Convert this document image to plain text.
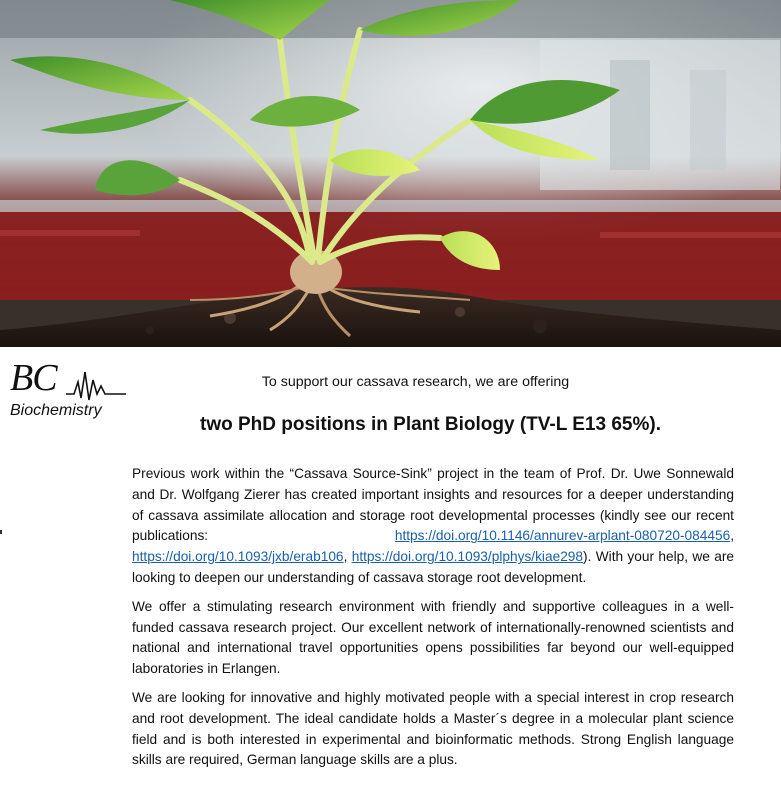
BC
Biochemistry
To support our cassava research, we are offering
two PhD positions in Plant Biology (TV-L E13 65%).

Previous work within the “Cassava Source-Sink” project in the team of Prof. Dr. Uwe Sonnewald and Dr. Wolfgang Zierer has created important insights and resources for a deeper understanding of cassava assimilate allocation and storage root developmental processes (kindly see our recent publications: https://doi.org/10.1146/annurev-arplant-080720-084456, https://doi.org/10.1093/jxb/erab106, https://doi.org/10.1093/plphys/kiae298). With your help, we are looking to deepen our understanding of cassava storage root development.

We offer a stimulating research environment with friendly and supportive colleagues in a well-funded cassava research project. Our excellent network of internationally-renowned scientists and national and international travel opportunities opens possibilities far beyond our well-equipped laboratories in Erlangen.

We are looking for innovative and highly motivated people with a special interest in crop research and root development. The ideal candidate holds a Master´s degree in a molecular plant science field and is both interested in experimental and bioinformatic methods. Strong English language skills are required, German language skills are a plus.
